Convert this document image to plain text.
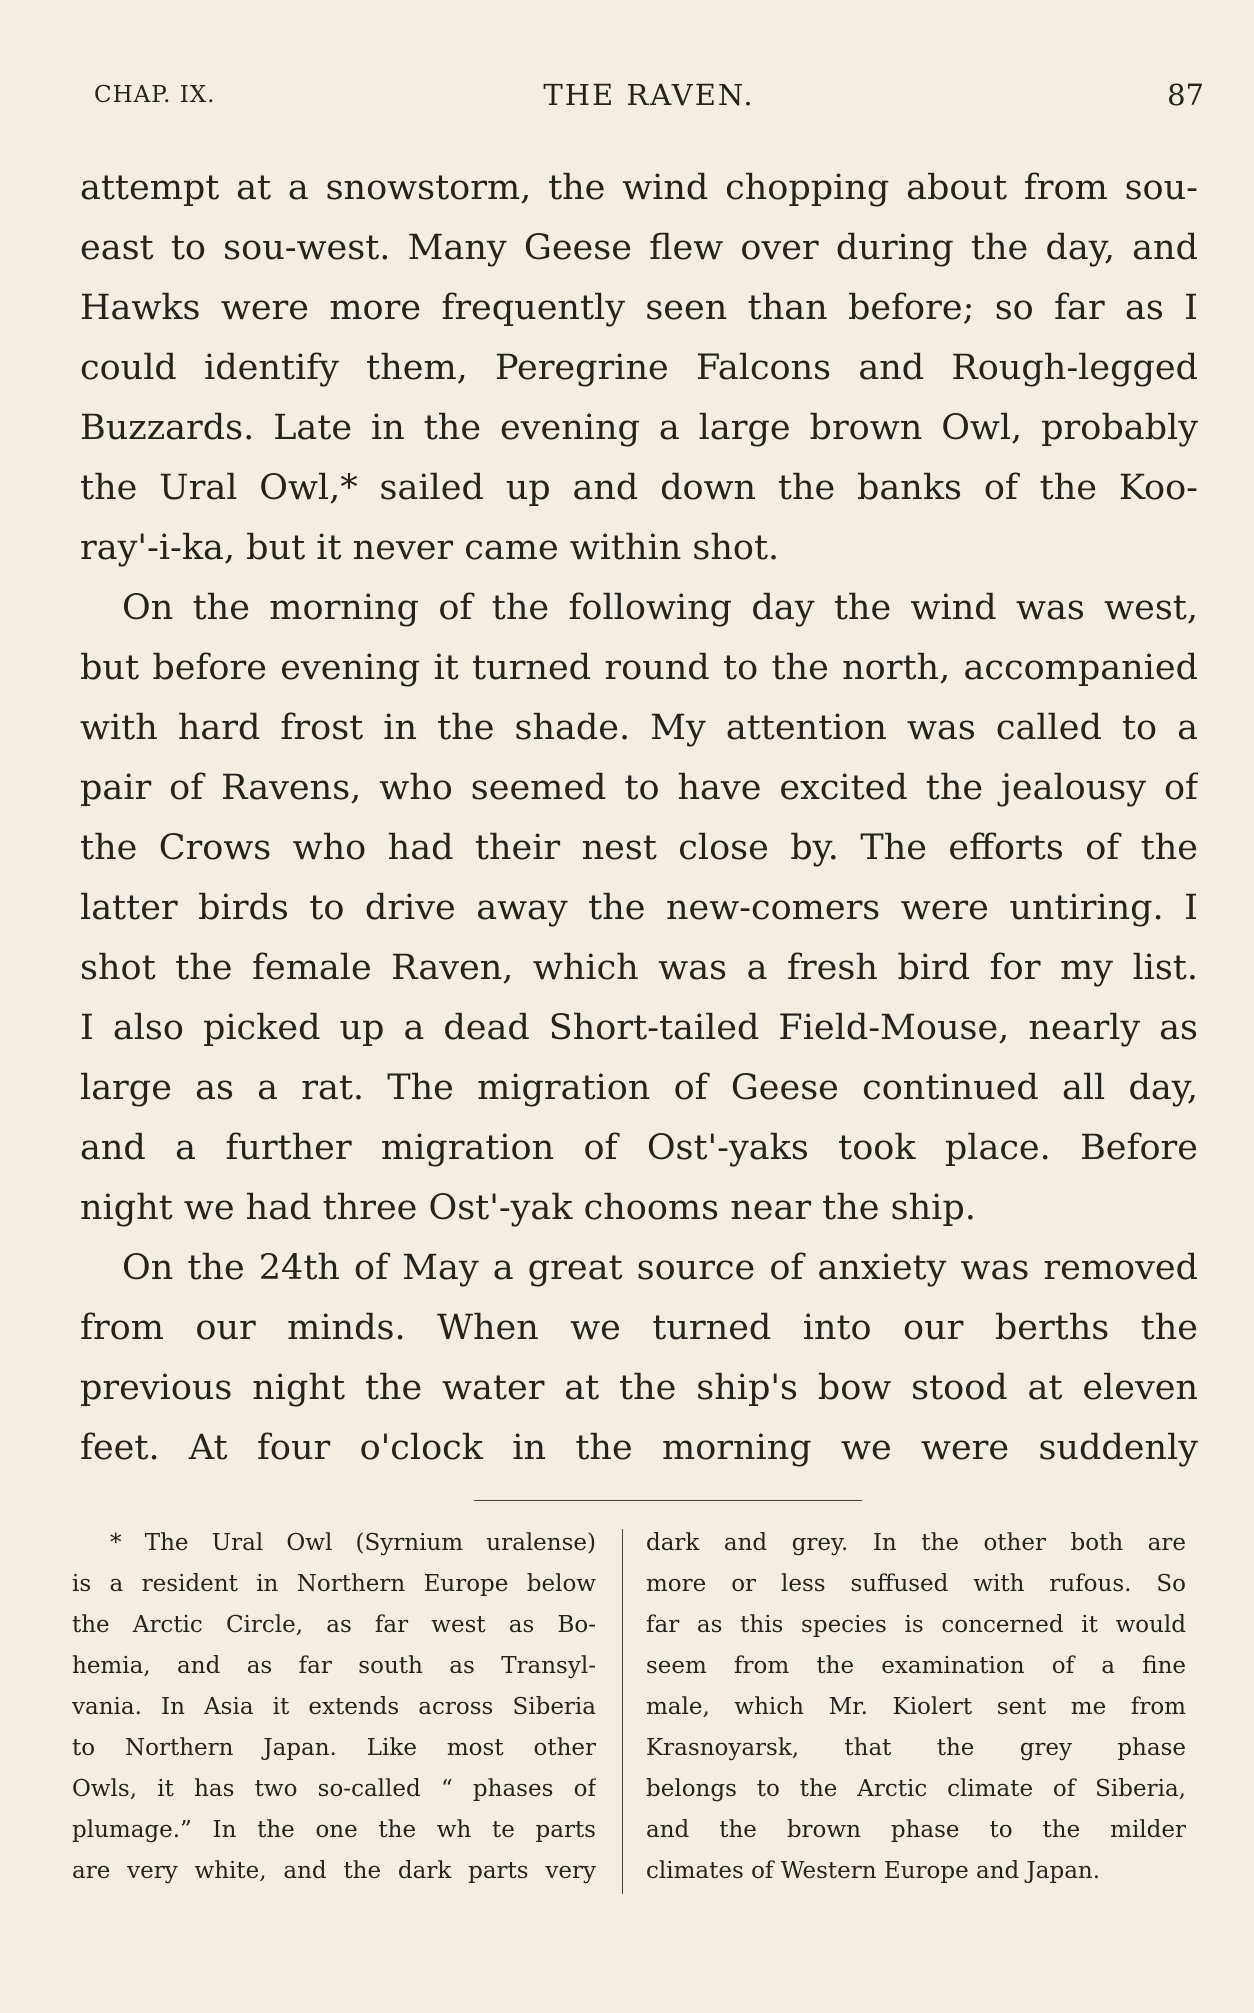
CHAP. IX.	THE RAVEN.	87
attempt at a snowstorm, the wind chopping about from sou-
east to sou-west. Many Geese flew over during the day, and
Hawks were more frequently seen than before; so far as I
could identify them, Peregrine Falcons and Rough-legged
Buzzards. Late in the evening a large brown Owl, probably
the Ural Owl,* sailed up and down the banks of the Koo-
ray'-i-ka, but it never came within shot.
On the morning of the following day the wind was west,
but before evening it turned round to the north, accompanied
with hard frost in the shade. My attention was called to a
pair of Ravens, who seemed to have excited the jealousy of
the Crows who had their nest close by. The efforts of the
latter birds to drive away the new-comers were untiring. I
shot the female Raven, which was a fresh bird for my list.
I also picked up a dead Short-tailed Field-Mouse, nearly as
large as a rat. The migration of Geese continued all day,
and a further migration of Ost'-yaks took place. Before
night we had three Ost'-yak chooms near the ship.
On the 24th of May a great source of anxiety was removed
from our minds. When we turned into our berths the
previous night the water at the ship's bow stood at eleven
feet. At four o'clock in the morning we were suddenly
* The Ural Owl (Syrnium uralense)
is a resident in Northern Europe below
the Arctic Circle, as far west as Bo-
hemia, and as far south as Transyl-
vania. In Asia it extends across Siberia
to Northern Japan. Like most other
Owls, it has two so-called “ phases of
plumage.” In the one the wh te parts
are very white, and the dark parts very
dark and grey. In the other both are
more or less suffused with rufous. So
far as this species is concerned it would
seem from the examination of a fine
male, which Mr. Kiolert sent me from
Krasnoyarsk, that the grey phase
belongs to the Arctic climate of Siberia,
and the brown phase to the milder
climates of Western Europe and Japan.
